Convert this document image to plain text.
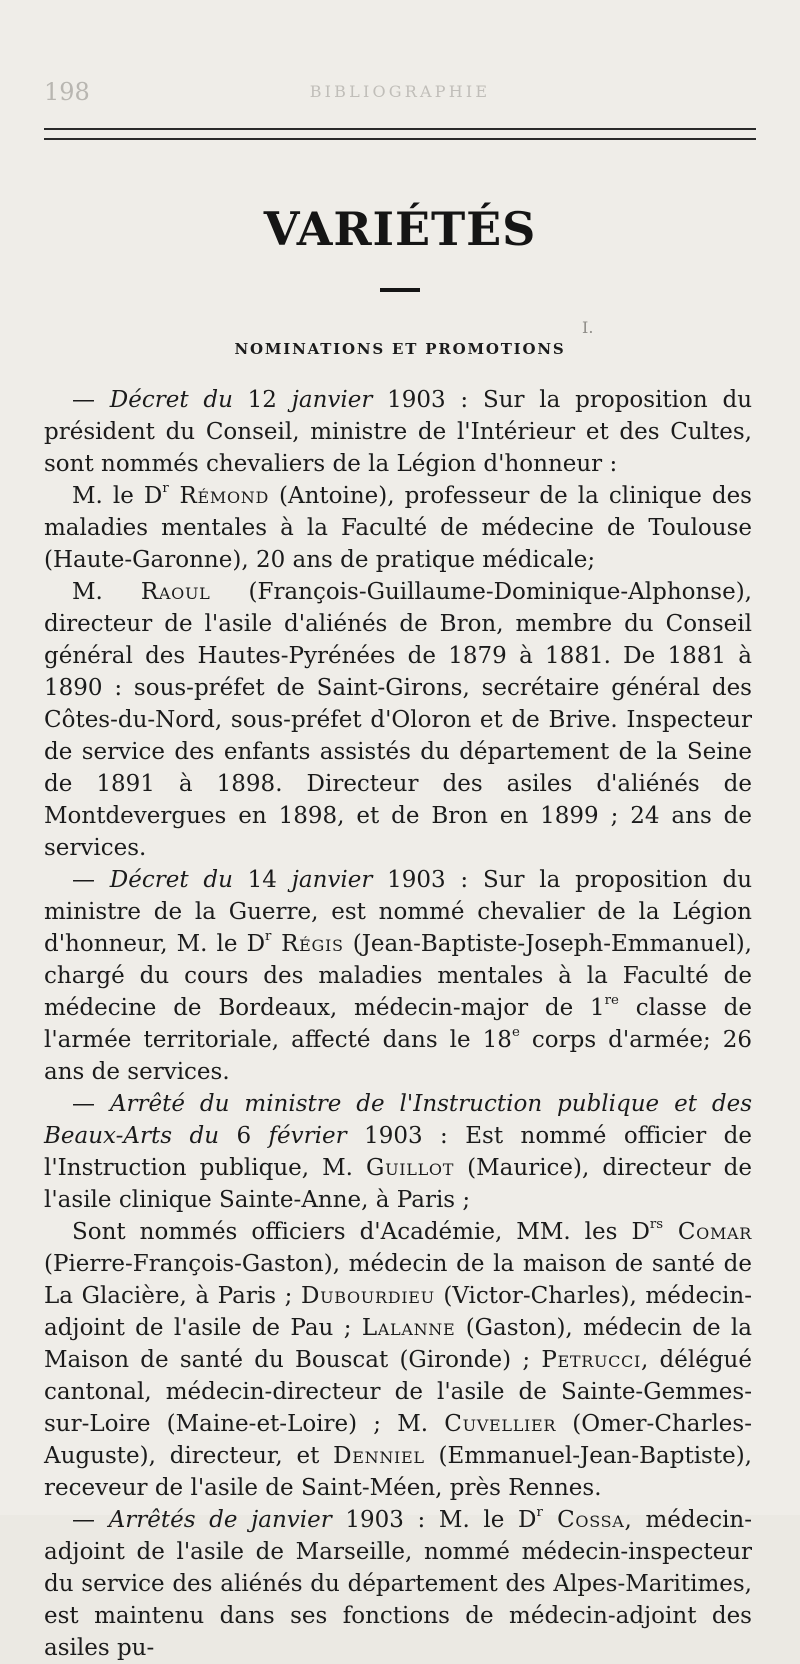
198	BIBLIOGRAPHIE
VARIÉTÉS
I.
NOMINATIONS ET PROMOTIONS

— Décret du 12 janvier 1903 : Sur la proposition du président du Conseil, ministre de l'Intérieur et des Cultes, sont nommés chevaliers de la Légion d'honneur :

M. le $D^r$ Rémond (Antoine), professeur de la clinique des maladies mentales à la Faculté de médecine de Toulouse (Haute-Garonne), 20 ans de pratique médicale;

M. Raoul (François-Guillaume-Dominique-Alphonse), directeur de l'asile d'aliénés de Bron, membre du Conseil général des Hautes-Pyrénées de 1879 à 1881. De 1881 à 1890 : sous-préfet de Saint-Girons, secrétaire général des Côtes-du-Nord, sous-préfet d'Oloron et de Brive. Inspecteur de service des enfants assistés du département de la Seine de 1891 à 1898. Directeur des asiles d'aliénés de Montdevergues en 1898, et de Bron en 1899 ; 24 ans de services.

— Décret du 14 janvier 1903 : Sur la proposition du ministre de la Guerre, est nommé chevalier de la Légion d'honneur, M. le $D^r$ Régis (Jean-Baptiste-Joseph-Emmanuel), chargé du cours des maladies mentales à la Faculté de médecine de Bordeaux, médecin-major de 1re classe de l'armée territoriale, affecté dans le 18e corps d'armée; 26 ans de services.

— Arrêté du ministre de l'Instruction publique et des Beaux-Arts du 6 février 1903 : Est nommé officier de l'Instruction publique, M. Guillot (Maurice), directeur de l'asile clinique Sainte-Anne, à Paris ;

Sont nommés officiers d'Académie, MM. les $D^{rs}$ Comar (Pierre-François-Gaston), médecin de la maison de santé de La Glacière, à Paris ; Dubourdieu (Victor-Charles), médecin-adjoint de l'asile de Pau ; Lalanne (Gaston), médecin de la Maison de santé du Bouscat (Gironde) ; Petrucci, délégué cantonal, médecin-directeur de l'asile de Sainte-Gemmes-sur-Loire (Maine-et-Loire) ; M. Cuvellier (Omer-Charles-Auguste), directeur, et Denniel (Emmanuel-Jean-Baptiste), receveur de l'asile de Saint-Méen, près Rennes.

— Arrêtés de janvier 1903 : M. le $D^r$ Cossa, médecin-adjoint de l'asile de Marseille, nommé médecin-inspecteur du service des aliénés du département des Alpes-Maritimes, est maintenu dans ses fonctions de médecin-adjoint des asiles pu-
